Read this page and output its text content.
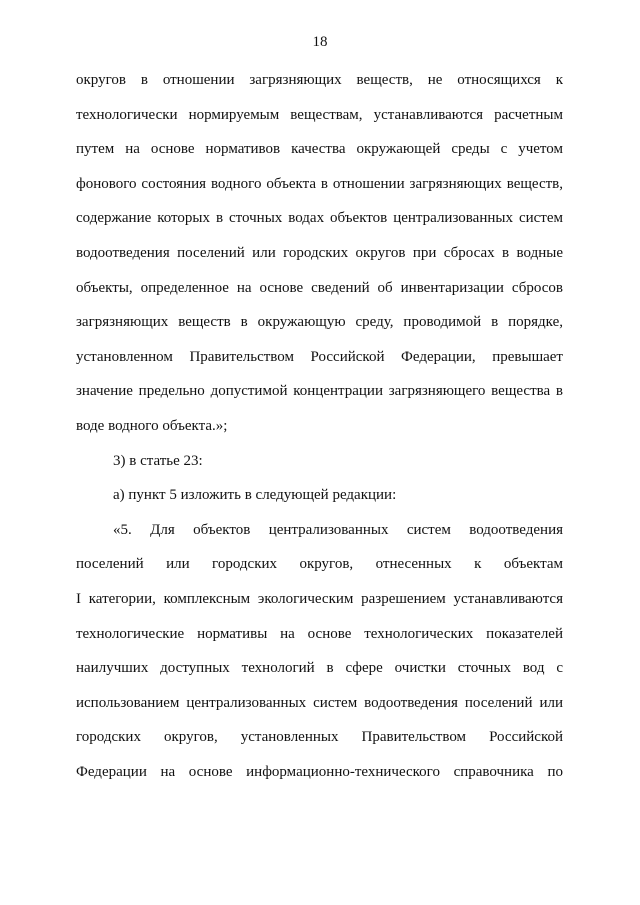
18
округов в отношении загрязняющих веществ, не относящихся к
технологически нормируемым веществам, устанавливаются расчетным
путем на основе нормативов качества окружающей среды с учетом
фонового состояния водного объекта в отношении загрязняющих веществ,
содержание которых в сточных водах объектов централизованных систем
водоотведения поселений или городских округов при сбросах в водные
объекты, определенное на основе сведений об инвентаризации сбросов
загрязняющих веществ в окружающую среду, проводимой в порядке,
установленном Правительством Российской Федерации, превышает
значение предельно допустимой концентрации загрязняющего вещества в
воде водного объекта.»;
3) в статье 23:
а) пункт 5 изложить в следующей редакции:
«5. Для объектов централизованных систем водоотведения
поселений или городских округов, отнесенных к объектам
I категории, комплексным экологическим разрешением устанавливаются
технологические нормативы на основе технологических показателей
наилучших доступных технологий в сфере очистки сточных вод с
использованием централизованных систем водоотведения поселений или
городских округов, установленных Правительством Российской
Федерации на основе информационно-технического справочника по
